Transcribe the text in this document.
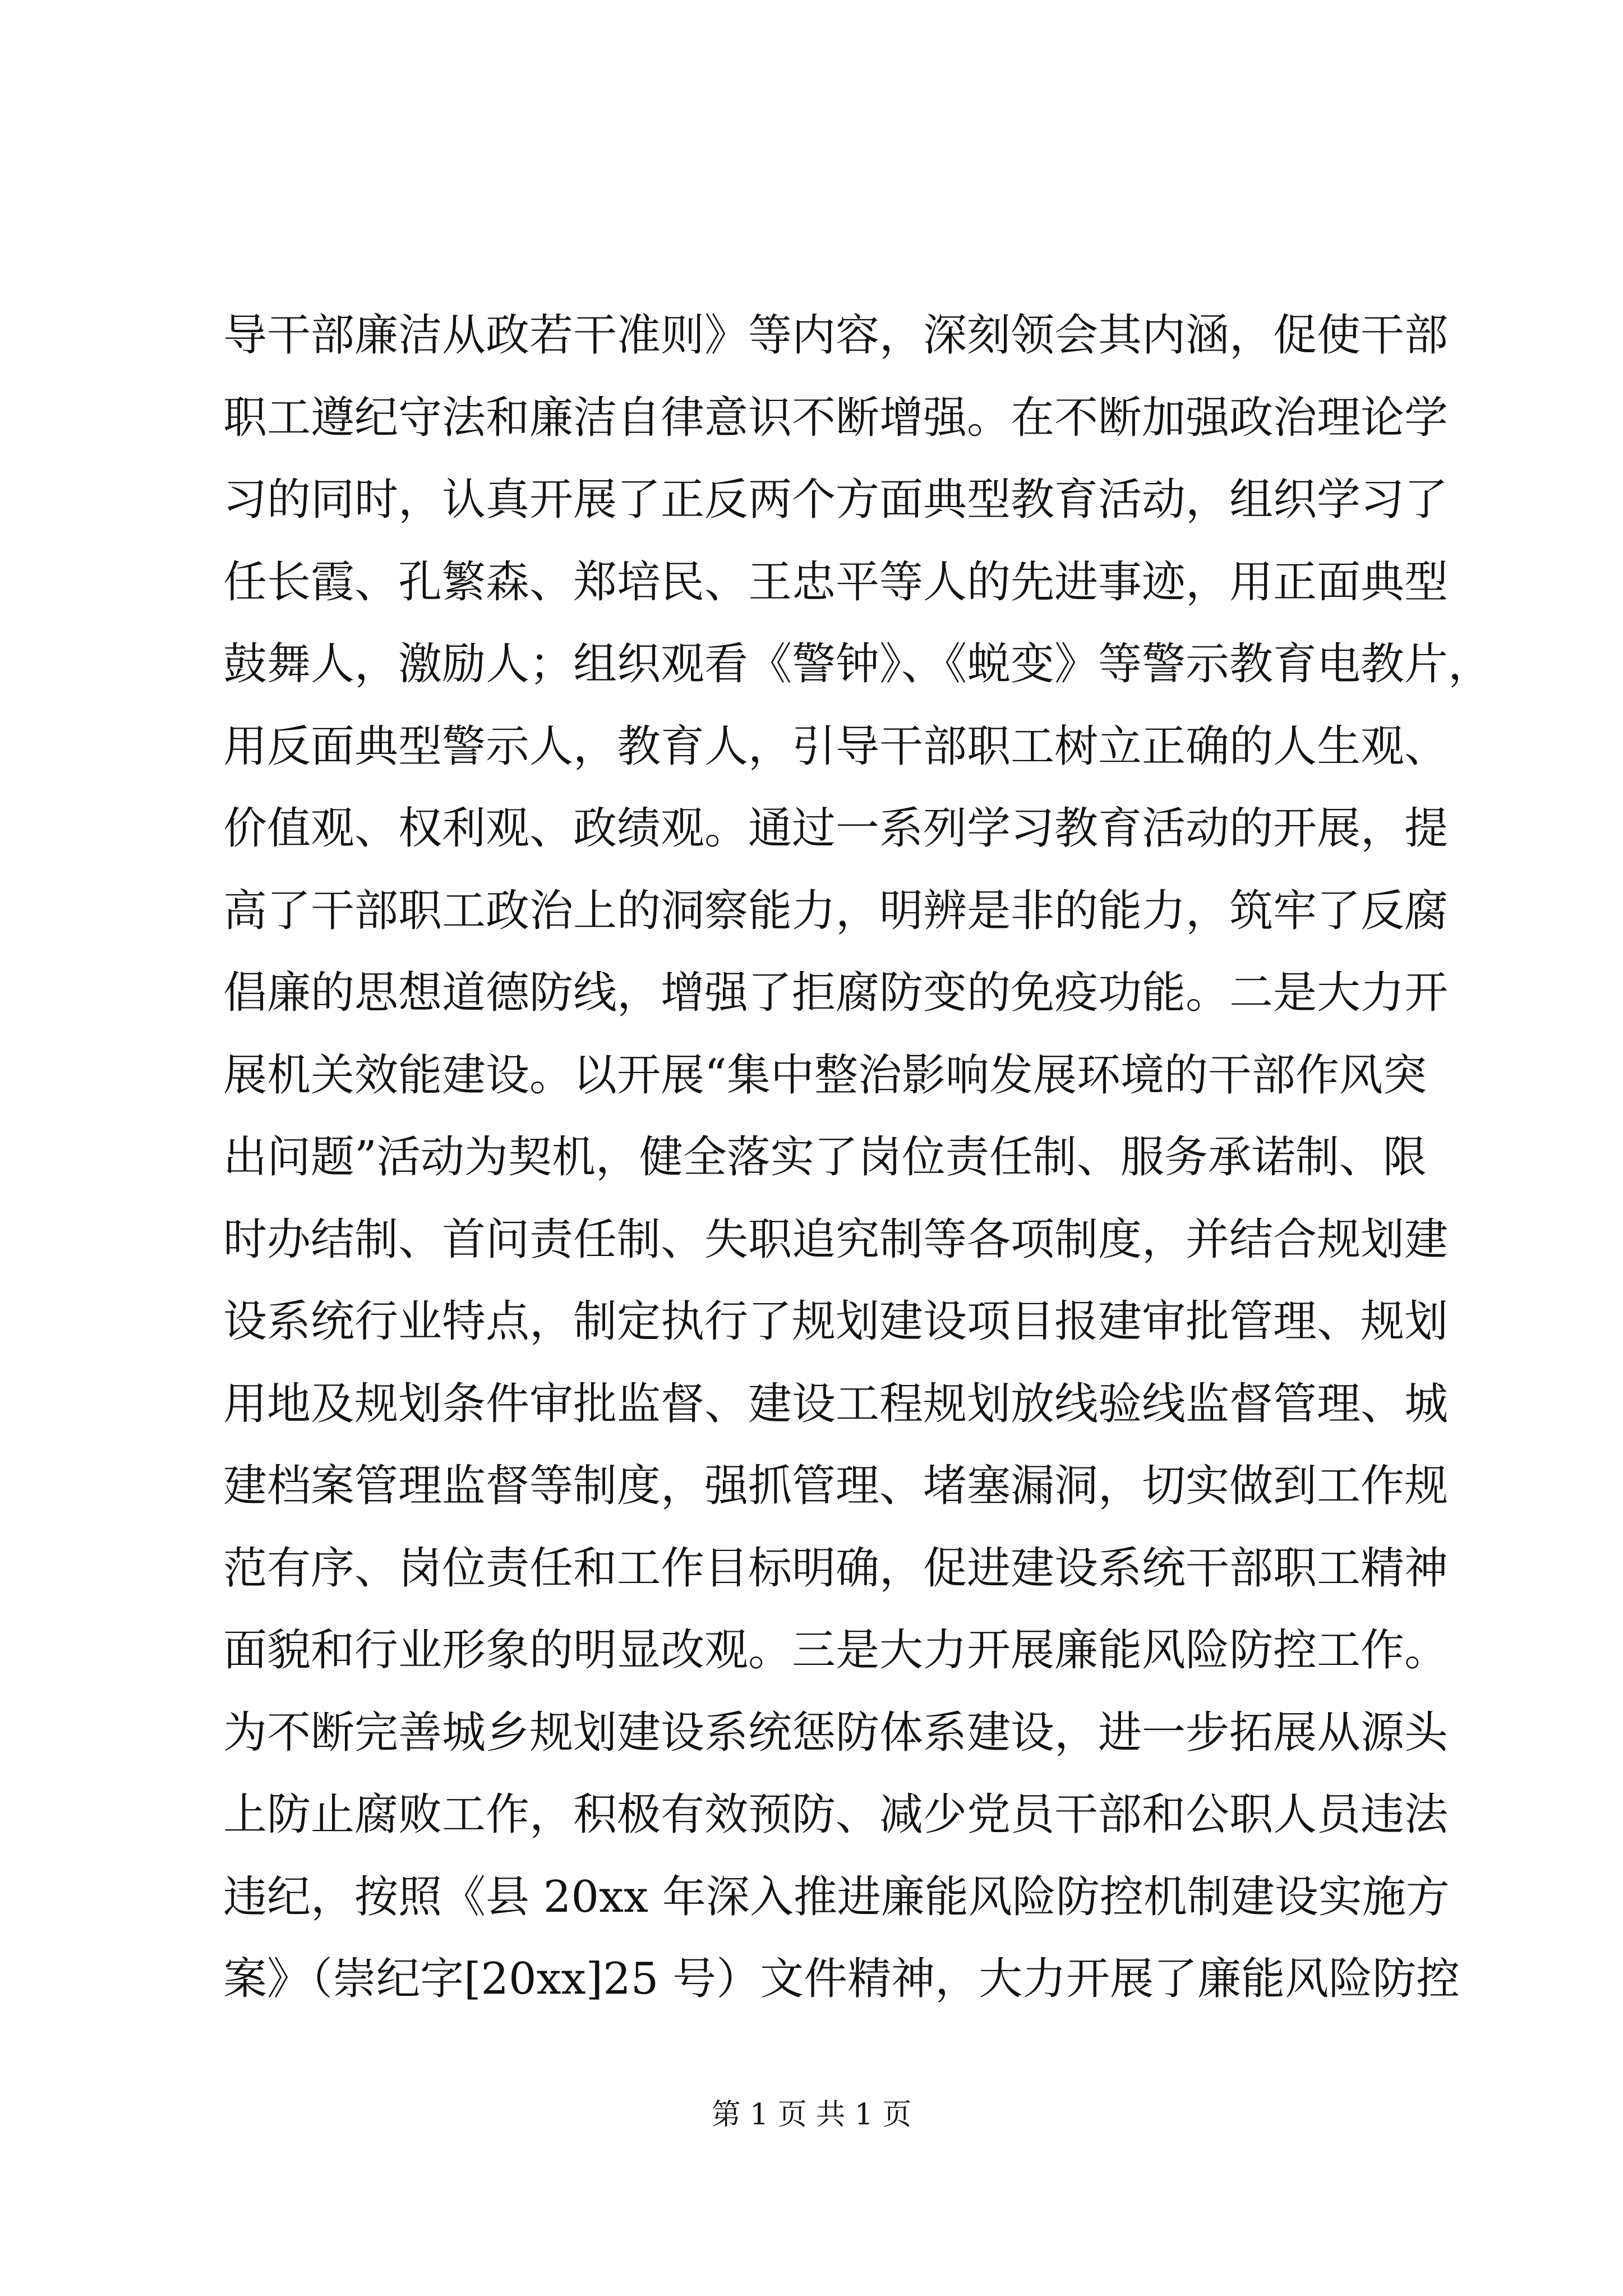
导干部廉洁从政若干准则》等内容，深刻领会其内涵，促使干部
职工遵纪守法和廉洁自律意识不断增强。在不断加强政治理论学
习的同时，认真开展了正反两个方面典型教育活动，组织学习了
任长霞、孔繁森、郑培民、王忠平等人的先进事迹，用正面典型
鼓舞人，激励人；组织观看《警钟》、《蜕变》等警示教育电教片，
用反面典型警示人，教育人，引导干部职工树立正确的人生观、
价值观、权利观、政绩观。通过一系列学习教育活动的开展，提
高了干部职工政治上的洞察能力，明辨是非的能力，筑牢了反腐
倡廉的思想道德防线，增强了拒腐防变的免疫功能。二是大力开
展机关效能建设。以开展“集中整治影响发展环境的干部作风突
出问题”活动为契机，健全落实了岗位责任制、服务承诺制、限
时办结制、首问责任制、失职追究制等各项制度，并结合规划建
设系统行业特点，制定执行了规划建设项目报建审批管理、规划
用地及规划条件审批监督、建设工程规划放线验线监督管理、城
建档案管理监督等制度，强抓管理、堵塞漏洞，切实做到工作规
范有序、岗位责任和工作目标明确，促进建设系统干部职工精神
面貌和行业形象的明显改观。三是大力开展廉能风险防控工作。
为不断完善城乡规划建设系统惩防体系建设，进一步拓展从源头
上防止腐败工作，积极有效预防、减少党员干部和公职人员违法
违纪，按照《县 20xx 年深入推进廉能风险防控机制建设实施方
案》（崇纪字[20xx]25 号）文件精神，大力开展了廉能风险防控
第 1 页 共 1 页
